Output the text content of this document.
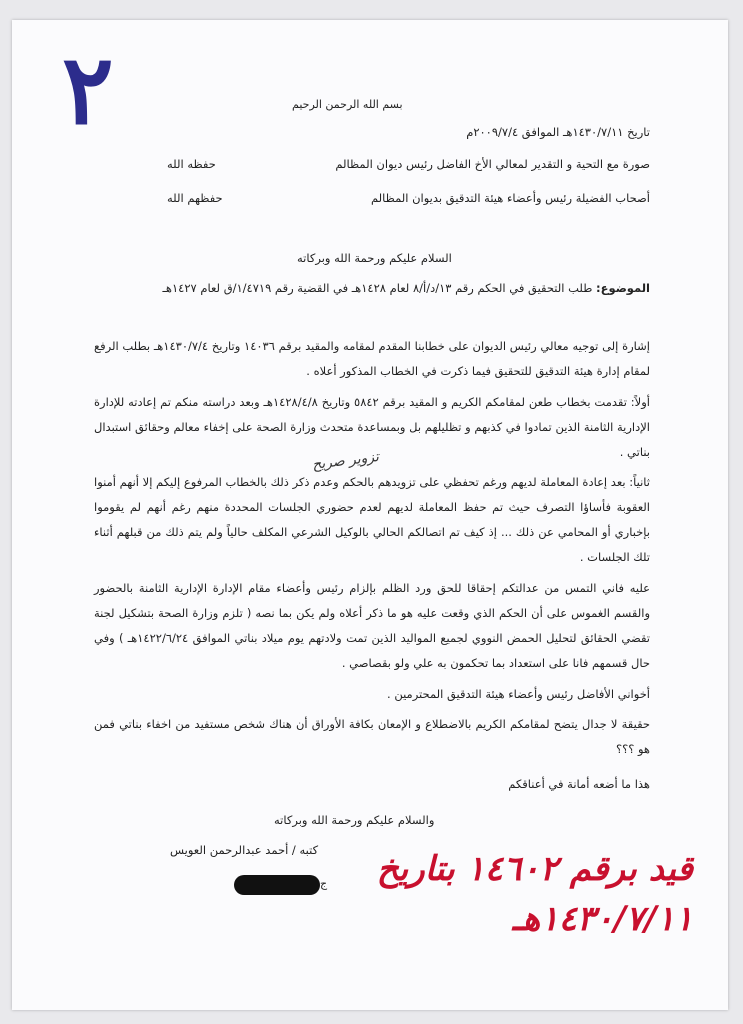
٢	بسم الله الرحمن الرحيم
تاريخ ١٤٣٠/٧/١١هـ الموافق ٢٠٠٩/٧/٤م
صورة مع التحية و التقدير لمعالي الأخ الفاضل رئيس ديوان المظالم
حفظه الله
أصحاب الفضيلة رئيس وأعضاء هيئة التدقيق بديوان المظالم
حفظهم الله
السلام عليكم ورحمة الله وبركاته
الموضوع: طلب التحقيق في الحكم رقم ١٣/د/أ/٨ لعام ١٤٢٨هـ في القضية رقم ١/٤٧١٩/ق لعام ١٤٢٧هـ
إشارة إلى توجيه معالي رئيس الديوان على خطابنا المقدم لمقامه والمقيد برقم ١٤٠٣٦ وتاريخ ١٤٣٠/٧/٤هـ بطلب الرفع لمقام إدارة هيئة التدقيق للتحقيق فيما ذكرت في الخطاب المذكور أعلاه .
أولاً: تقدمت بخطاب طعن لمقامكم الكريم و المقيد برقم ٥٨٤٢ وتاريخ ١٤٢٨/٤/٨هـ وبعد دراسته منكم تم إعادته للإدارة الإدارية الثامنة الذين تمادوا في كذبهم و تظليلهم بل وبمساعدة متحدث وزارة الصحة على إخفاء معالم وحقائق استبدال بناتي .
تزوير صريح
ثانياً: بعد إعادة المعاملة لديهم ورغم تحفظي على تزويدهم بالحكم وعدم ذكر ذلك بالخطاب المرفوع إليكم إلا أنهم أمنوا العقوبة فأساؤا التصرف حيث تم حفظ المعاملة لديهم لعدم حضوري الجلسات المحددة منهم رغم أنهم لم يقوموا بإخباري أو المحامي عن ذلك ... إذ كيف تم اتصالكم الحالي بالوكيل الشرعي المكلف حالياً ولم يتم ذلك من قبلهم أثناء تلك الجلسات .
عليه فاني التمس من عدالتكم إحقاقا للحق ورد الظلم بإلزام رئيس وأعضاء مقام الإدارة الإدارية الثامنة بالحضور والقسم الغموس على أن الحكم الذي وقعت عليه هو ما ذكر أعلاه ولم يكن بما نصه ( تلزم وزارة الصحة بتشكيل لجنة تقضي الحقائق لتحليل الحمض النووي لجميع المواليد الذين تمت ولادتهم يوم ميلاد بناتي الموافق ١٤٢٢/٦/٢٤هـ ) وفي حال قسمهم فانا على استعداد بما تحكمون به علي ولو بقصاصي .
أخواني الأفاضل رئيس وأعضاء هيئة التدقيق المحترمين .
حقيقة لا جدال يتضح لمقامكم الكريم بالاضطلاع و الإمعان بكافة الأوراق أن هناك شخص مستفيد من اخفاء بناتي فمن هو ؟؟؟
هذا ما أضعه أمانة في أعناقكم
والسلام عليكم ورحمة الله وبركاته
كتبه / أحمد عبدالرحمن العويس
ج قيد برقم ١٤٦٠٢ بتاريخ
١٤٣٠/٧/١١هـ
